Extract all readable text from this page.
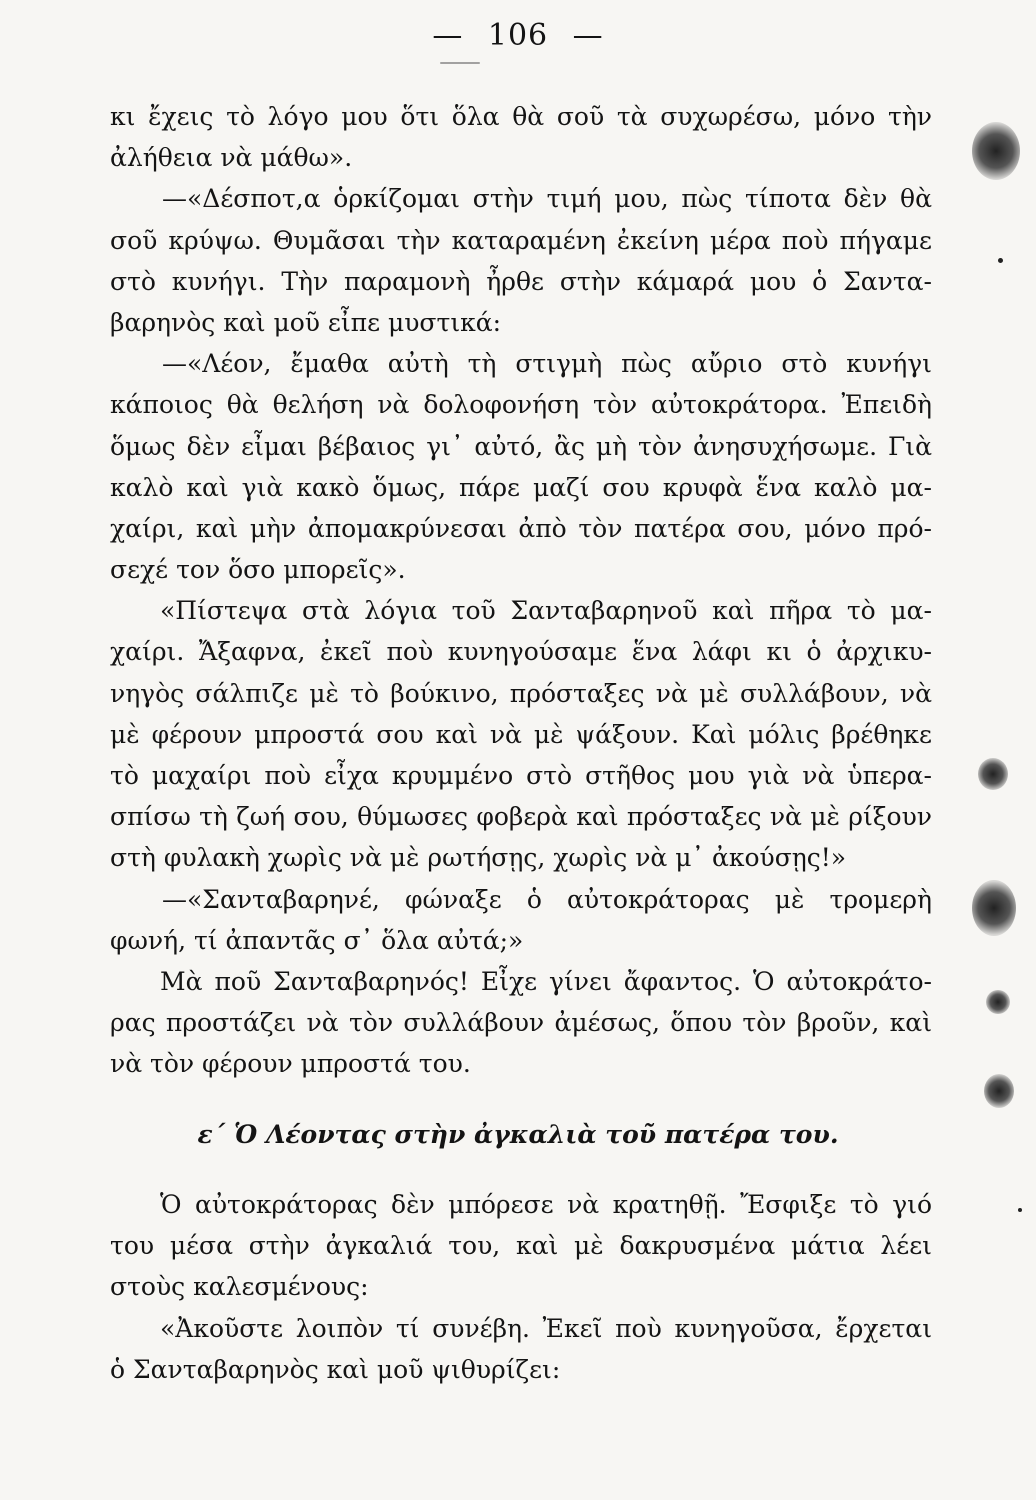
— 106 —
κι ἔχεις τὸ λόγο μου ὅτι ὅλα θὰ σοῦ τὰ συχωρέσω, μόνο τὴν
ἀλήθεια νὰ μάθω».
—«Δέσποτ,α ὁρκίζομαι στὴν τιμή μου, πὼς τίποτα δὲν θὰ
σοῦ κρύψω. Θυμᾶσαι τὴν καταραμένη ἐκείνη μέρα ποὺ πήγαμε
στὸ κυνήγι. Τὴν παραμονὴ ἦρθε στὴν κάμαρά μου ὁ Σαντα-
βαρηνὸς καὶ μοῦ εἶπε μυστικά:
—«Λέον, ἔμαθα αὐτὴ τὴ στιγμὴ πὼς αὔριο στὸ κυνήγι
κάποιος θὰ θελήση νὰ δολοφονήση τὸν αὐτοκράτορα. Ἐπειδὴ
ὅμως δὲν εἶμαι βέβαιος γι᾽ αὐτό, ἂς μὴ τὸν ἀνησυχήσωμε. Γιὰ
καλὸ καὶ γιὰ κακὸ ὅμως, πάρε μαζί σου κρυφὰ ἕνα καλὸ μα-
χαίρι, καὶ μὴν ἀπομακρύνεσαι ἀπὸ τὸν πατέρα σου, μόνο πρό-
σεχέ τον ὅσο μπορεῖς».
«Πίστεψα στὰ λόγια τοῦ Σανταβαρηνοῦ καὶ πῆρα τὸ μα-
χαίρι. Ἄξαφνα, ἐκεῖ ποὺ κυνηγούσαμε ἕνα λάφι κι ὁ ἀρχικυ-
νηγὸς σάλπιζε μὲ τὸ βούκινο, πρόσταξες νὰ μὲ συλλάβουν, νὰ
μὲ φέρουν μπροστά σου καὶ νὰ μὲ ψάξουν. Καὶ μόλις βρέθηκε
τὸ μαχαίρι ποὺ εἶχα κρυμμένο στὸ στῆθος μου γιὰ νὰ ὑπερα-
σπίσω τὴ ζωή σου, θύμωσες φοβερὰ καὶ πρόσταξες νὰ μὲ ρίξουν
στὴ φυλακὴ χωρὶς νὰ μὲ ρωτήσῃς, χωρὶς νὰ μ᾽ ἀκούσῃς!»
—«Σανταβαρηνέ, φώναξε ὁ αὐτοκράτορας μὲ τρομερὴ
φωνή, τί ἀπαντᾶς σ᾽ ὅλα αὐτά;»
Μὰ ποῦ Σανταβαρηνός! Εἶχε γίνει ἄφαντος. Ὁ αὐτοκράτο-
ρας προστάζει νὰ τὸν συλλάβουν ἀμέσως, ὅπου τὸν βροῦν, καὶ
νὰ τὸν φέρουν μπροστά του.
ε΄ Ὁ Λέοντας στὴν ἀγκαλιὰ τοῦ πατέρα του.
Ὁ αὐτοκράτορας δὲν μπόρεσε νὰ κρατηθῇ. Ἔσφιξε τὸ γιό
του μέσα στὴν ἀγκαλιά του, καὶ μὲ δακρυσμένα μάτια λέει
στοὺς καλεσμένους:
«Ἀκοῦστε λοιπὸν τί συνέβη. Ἐκεῖ ποὺ κυνηγοῦσα, ἔρχεται
ὁ Σανταβαρηνὸς καὶ μοῦ ψιθυρίζει:
